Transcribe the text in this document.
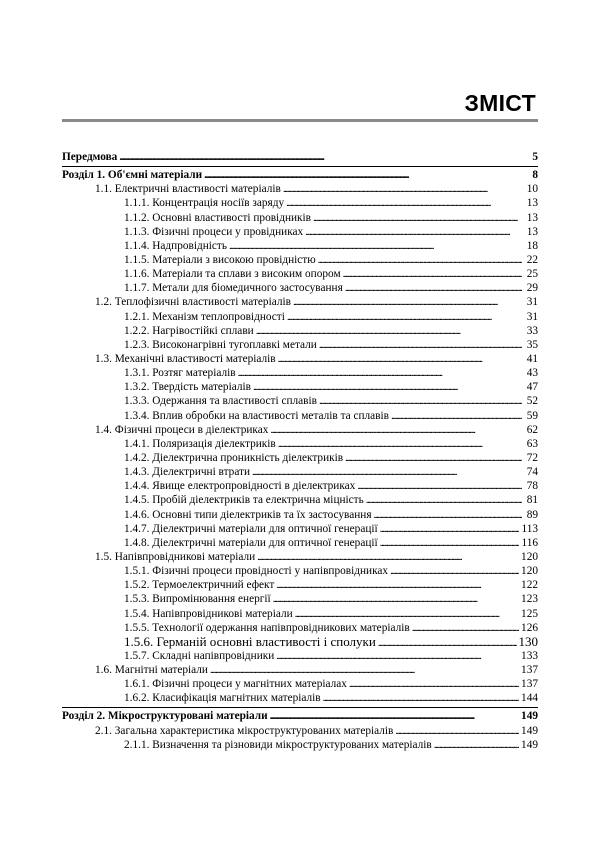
ЗМІСТ
Передмова . . .	5
Розділ 1. Об'ємні матеріали . . .	8
1.1. Електричні властивості матеріалів . . .	10
1.1.1. Концентрація носіїв заряду . . .	13
1.1.2. Основні властивості провідників . . .	13
1.1.3. Фізичні процеси у провідниках . . .	13
1.1.4. Надпровідність . . .	18
1.1.5. Матеріали з високою провідністю . . .	22
1.1.6. Матеріали та сплави з високим опором . . .	25
1.1.7. Метали для біомедичного застосування . . .	29
1.2. Теплофізичні властивості матеріалів . . .	31
1.2.1. Механізм теплопровідності . . .	31
1.2.2. Нагрівостійкі сплави . . .	33
1.2.3. Високонагрівні тугоплавкі метали . . .	35
1.3. Механічні властивості матеріалів . . .	41
1.3.1. Розтяг матеріалів . . .	43
1.3.2. Твердість матеріалів . . .	47
1.3.3. Одержання та властивості сплавів . . .	52
1.3.4. Вплив обробки на властивості металів та сплавів . . .	59
1.4. Фізичні процеси в діелектриках . . .	62
1.4.1. Поляризація діелектриків . . .	63
1.4.2. Діелектрична проникність діелектриків . . .	72
1.4.3. Діелектричні втрати . . .	74
1.4.4. Явище електропровідності в діелектриках . . .	78
1.4.5. Пробій діелектриків та електрична міцність . . .	81
1.4.6. Основні типи діелектриків та їх застосування . . .	89
1.4.7. Діелектричні матеріали для оптичної генерації . . .	113
1.4.8. Діелектричні матеріали для оптичної генерації . . .	116
1.5. Напівпровідникові матеріали . . .	120
1.5.1. Фізичні процеси провідності у напівпровідниках . . .	120
1.5.2. Термоелектричний ефект . . .	122
1.5.3. Випромінювання енергії . . .	123
1.5.4. Напівпровідникові матеріали . . .	125
1.5.5. Технології одержання напівпровідникових матеріалів . . .	126
1.5.6. Германій основні властивості і сполуки . . .	130
1.5.7. Складні напівпровідники . . .	133
1.6. Магнітні матеріали . . .	137
1.6.1. Фізичні процеси у магнітних матеріалах . . .	137
1.6.2. Класифікація магнітних матеріалів . . .	144
Розділ 2. Мікроструктуровані матеріали . . .	149
2.1. Загальна характеристика мікроструктурованих матеріалів . . .	149
2.1.1. Визначення та різновиди мікроструктурованих матеріалів . . .	149
